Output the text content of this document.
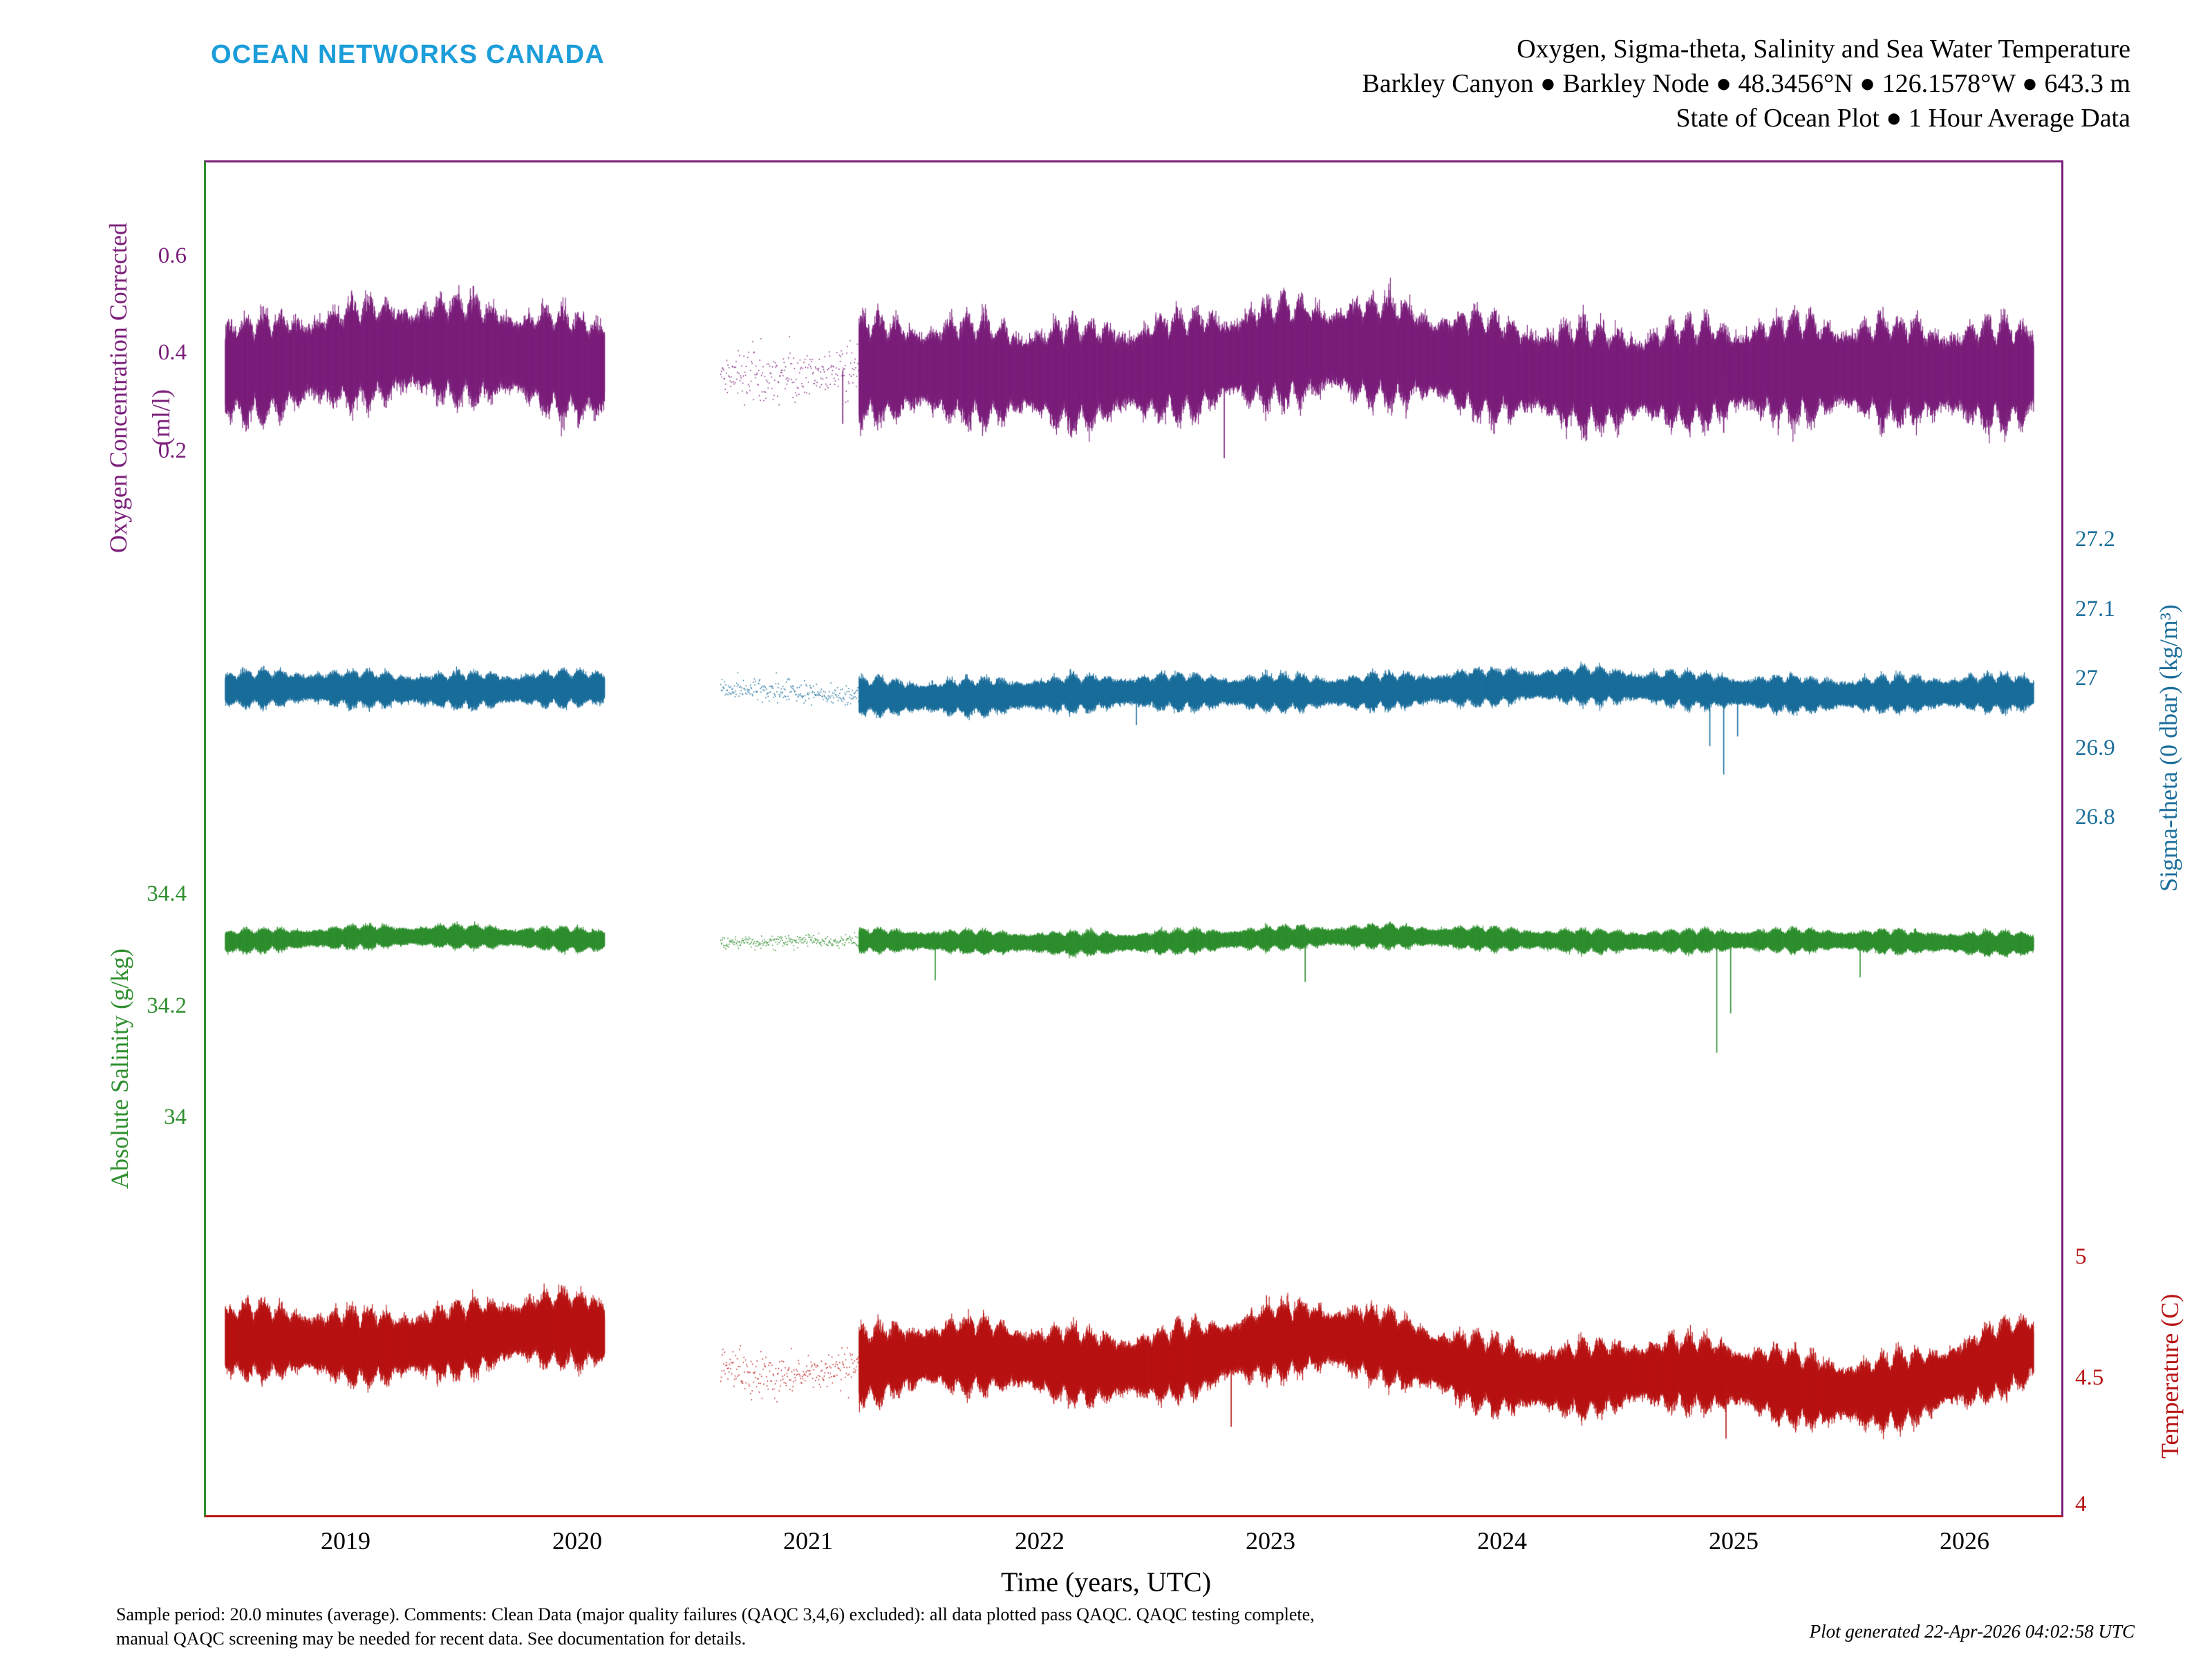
OCEAN NETWORKS CANADA	Oxygen, Sigma-theta, Salinity and Sea Water Temperature
Barkley Canyon ● Barkley Node ● 48.3456°N ● 126.1578°W ● 643.3 m
State of Ocean Plot ● 1 Hour Average Data
Oxygen Concentration Corrected (ml/l)
Absolute Salinity (g/kg)
Sigma-theta (0 dbar) (kg/m³)
Temperature (C)
Time (years, UTC)
0.6
0.4
0.2
34.4
34.2
34
27.2
27.1
27
26.9
26.8
5
4.5
4
2019	2020	2021	2022	2023	2024	2025	2026
Sample period: 20.0 minutes (average). Comments: Clean Data (major quality failures (QAQC 3,4,6) excluded): all data plotted pass QAQC. QAQC testing complete,
manual QAQC screening may be needed for recent data. See documentation for details.	Plot generated 22-Apr-2026 04:02:58 UTC
